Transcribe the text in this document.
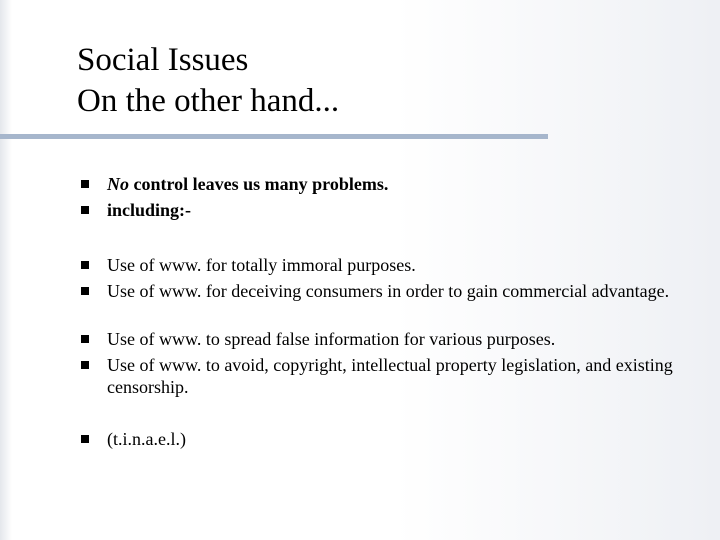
Social Issues
On the other hand...
No control leaves us many problems.
including:-
Use of www. for totally immoral purposes.
Use of www. for deceiving consumers in order to gain commercial advantage.
Use of www. to spread false information for various purposes.
Use of www. to avoid, copyright, intellectual property legislation, and existing censorship.
(t.i.n.a.e.l.)
